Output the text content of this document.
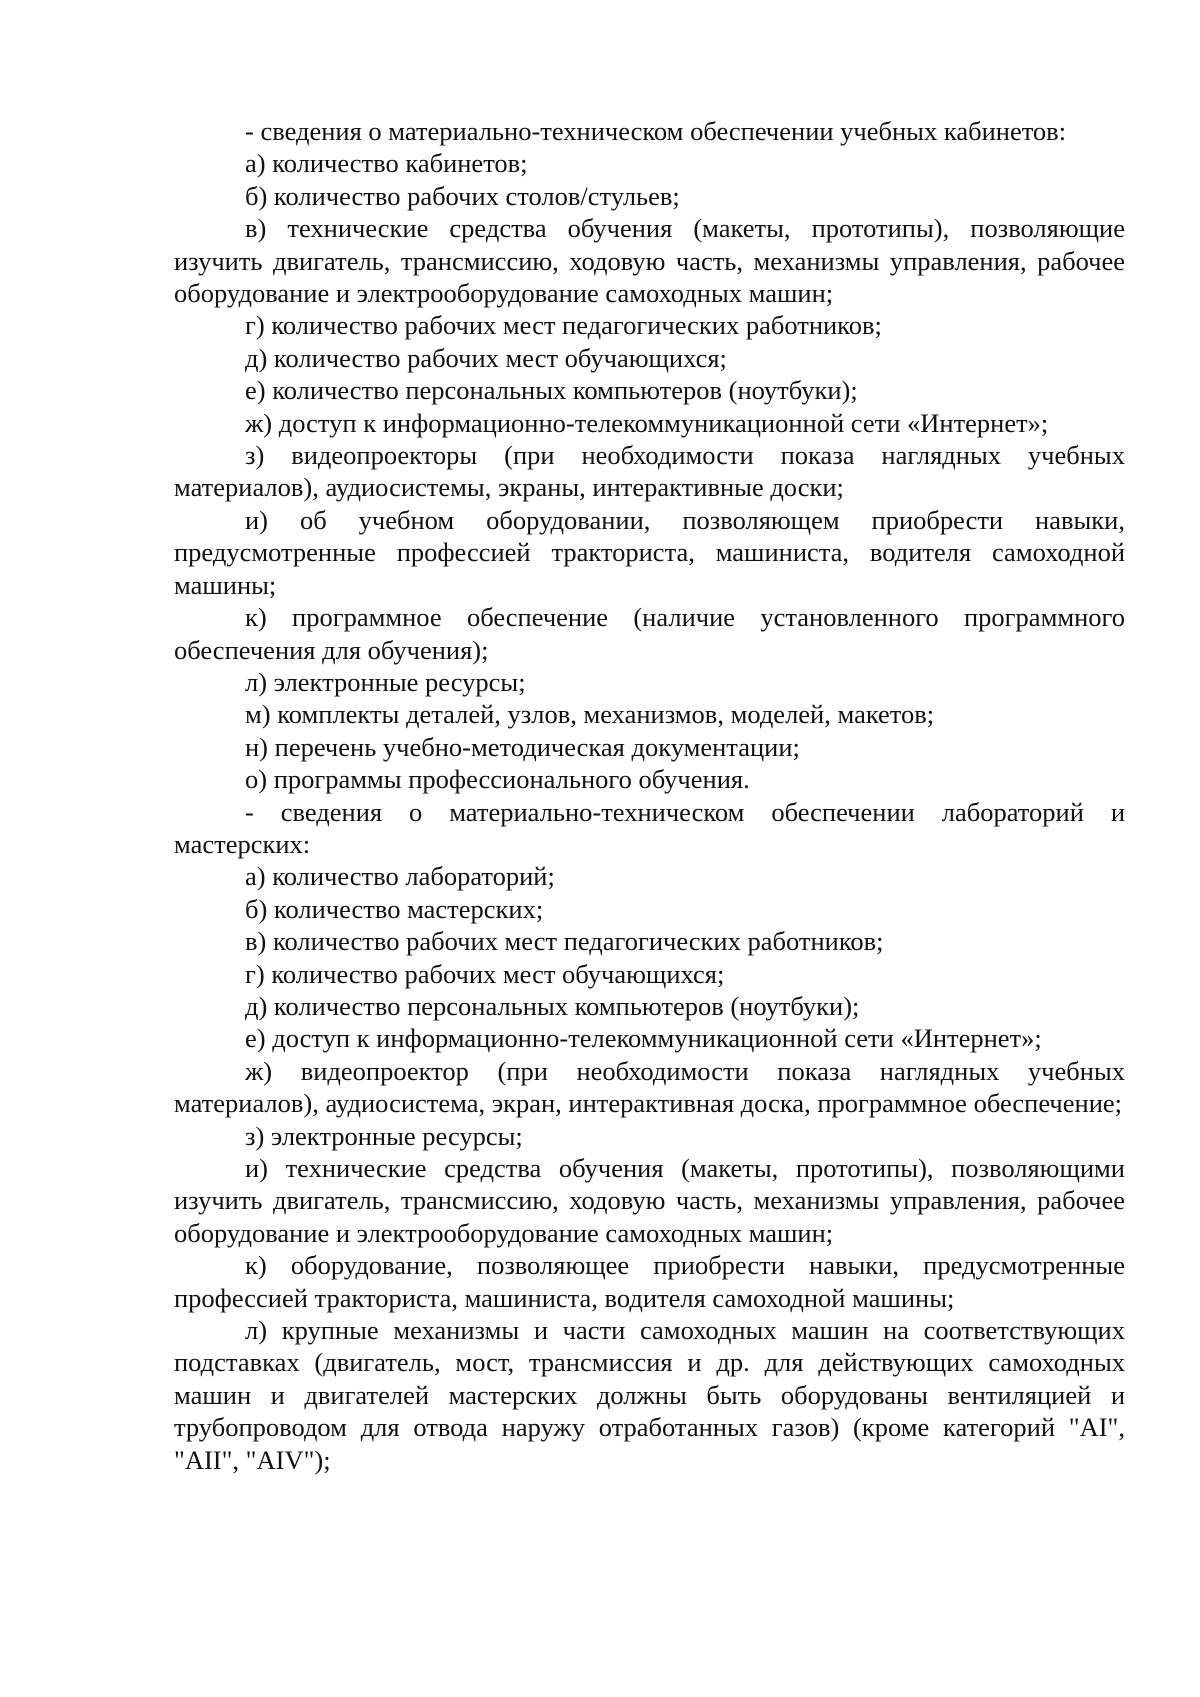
- сведения о материально-техническом обеспечении учебных кабинетов:

а) количество кабинетов;

б) количество рабочих столов/стульев;

в) технические средства обучения (макеты, прототипы), позволяющие изучить двигатель, трансмиссию, ходовую часть, механизмы управления, рабочее оборудование и электрооборудование самоходных машин;

г) количество рабочих мест педагогических работников;

д) количество рабочих мест обучающихся;

е) количество персональных компьютеров (ноутбуки);

ж) доступ к информационно-телекоммуникационной сети «Интернет»;

з) видеопроекторы (при необходимости показа наглядных учебных материалов), аудиосистемы, экраны, интерактивные доски;

и) об учебном оборудовании, позволяющем приобрести навыки, предусмотренные профессией тракториста, машиниста, водителя самоходной машины;

к) программное обеспечение (наличие установленного программного обеспечения для обучения);

л) электронные ресурсы;

м) комплекты деталей, узлов, механизмов, моделей, макетов;

н) перечень учебно-методическая документации;

о) программы профессионального обучения.

- сведения о материально-техническом обеспечении лабораторий и мастерских:

а) количество лабораторий;

б) количество мастерских;

в) количество рабочих мест педагогических работников;

г) количество рабочих мест обучающихся;

д) количество персональных компьютеров (ноутбуки);

е) доступ к информационно-телекоммуникационной сети «Интернет»;

ж) видеопроектор (при необходимости показа наглядных учебных материалов), аудиосистема, экран, интерактивная доска, программное обеспечение;

з) электронные ресурсы;

и) технические средства обучения (макеты, прототипы), позволяющими изучить двигатель, трансмиссию, ходовую часть, механизмы управления, рабочее оборудование и электрооборудование самоходных машин;

к) оборудование, позволяющее приобрести навыки, предусмотренные профессией тракториста, машиниста, водителя самоходной машины;

л) крупные механизмы и части самоходных машин на соответствующих подставках (двигатель, мост, трансмиссия и др. для действующих самоходных машин и двигателей мастерских должны быть оборудованы вентиляцией и трубопроводом для отвода наружу отработанных газов) (кроме категорий "AI", "AII", "AIV");
